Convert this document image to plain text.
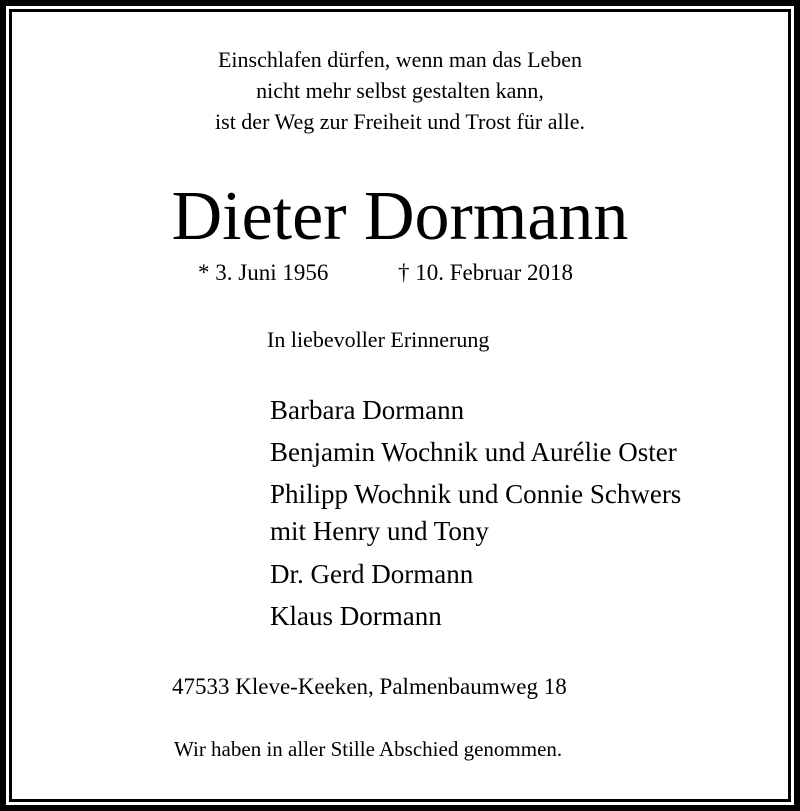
Einschlafen dürfen, wenn man das Leben
nicht mehr selbst gestalten kann,
ist der Weg zur Freiheit und Trost für alle.
Dieter Dormann
* 3. Juni 1956	† 10. Februar 2018
In liebevoller Erinnerung
Barbara Dormann
Benjamin Wochnik und Aurélie Oster
Philipp Wochnik und Connie Schwers
mit Henry und Tony
Dr. Gerd Dormann
Klaus Dormann
47533 Kleve-Keeken, Palmenbaumweg 18
Wir haben in aller Stille Abschied genommen.
